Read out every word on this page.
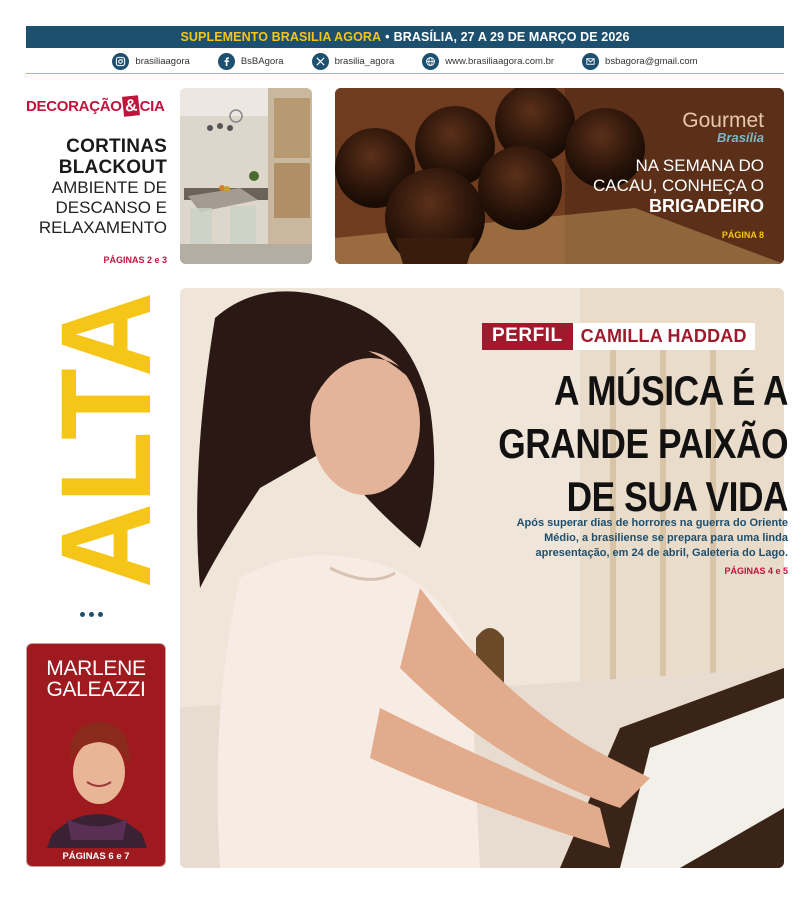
SUPLEMENTO BRASILIA AGORA • BRASÍLIA, 27 A 29 DE MARÇO DE 2026
brasiliaagora	BsBAgora	brasilia_agora	www.brasiliaagora.com.br	bsbagora@gmail.com
DECORAÇÃO & CIA
CORTINAS
BLACKOUT
AMBIENTE DE
DESCANSO E
RELAXAMENTO
PÁGINAS 2 e 3
Gourmet
Brasília
NA SEMANA DO
CACAU, CONHEÇA O
BRIGADEIRO
PÁGINA 8
ALTA
em
MARLENE
GALEAZZI
PÁGINAS 6 e 7
PERFIL	CAMILLA HADDAD
A MÚSICA É A
GRANDE PAIXÃO
DE SUA VIDA
Após superar dias de horrores na guerra do Oriente Médio, a brasiliense se prepara para uma linda apresentação, em 24 de abril, Galeteria do Lago.
PÁGINAS 4 e 5
